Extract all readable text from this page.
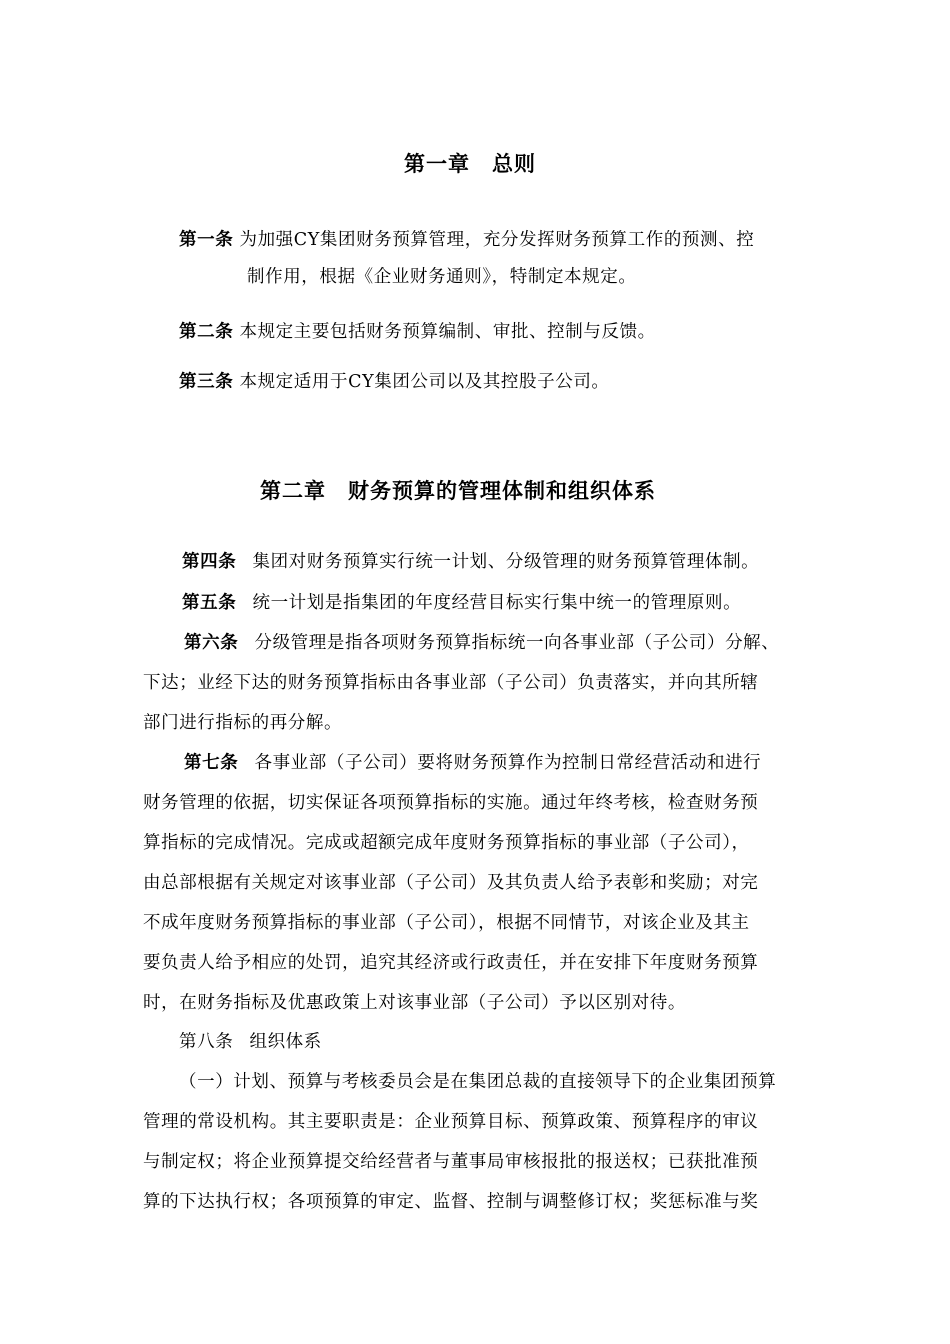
第一章　总则
第一条 为加强CY集团财务预算管理，充分发挥财务预算工作的预测、控
制作用，根据《企业财务通则》，特制定本规定。
第二条 本规定主要包括财务预算编制、审批、控制与反馈。
第三条 本规定适用于CY集团公司以及其控股子公司。
第二章　财务预算的管理体制和组织体系
第四条 集团对财务预算实行统一计划、分级管理的财务预算管理体制。
第五条 统一计划是指集团的年度经营目标实行集中统一的管理原则。
第六条 分级管理是指各项财务预算指标统一向各事业部（子公司）分解、
下达；业经下达的财务预算指标由各事业部（子公司）负责落实，并向其所辖
部门进行指标的再分解。
第七条 各事业部（子公司）要将财务预算作为控制日常经营活动和进行
财务管理的依据，切实保证各项预算指标的实施。通过年终考核，检查财务预
算指标的完成情况。完成或超额完成年度财务预算指标的事业部（子公司），
由总部根据有关规定对该事业部（子公司）及其负责人给予表彰和奖励；对完
不成年度财务预算指标的事业部（子公司），根据不同情节，对该企业及其主
要负责人给予相应的处罚，追究其经济或行政责任，并在安排下年度财务预算
时，在财务指标及优惠政策上对该事业部（子公司）予以区别对待。
第八条 组织体系
（一）计划、预算与考核委员会是在集团总裁的直接领导下的企业集团预算
管理的常设机构。其主要职责是：企业预算目标、预算政策、预算程序的审议
与制定权；将企业预算提交给经营者与董事局审核报批的报送权；已获批准预
算的下达执行权；各项预算的审定、监督、控制与调整修订权；奖惩标准与奖
